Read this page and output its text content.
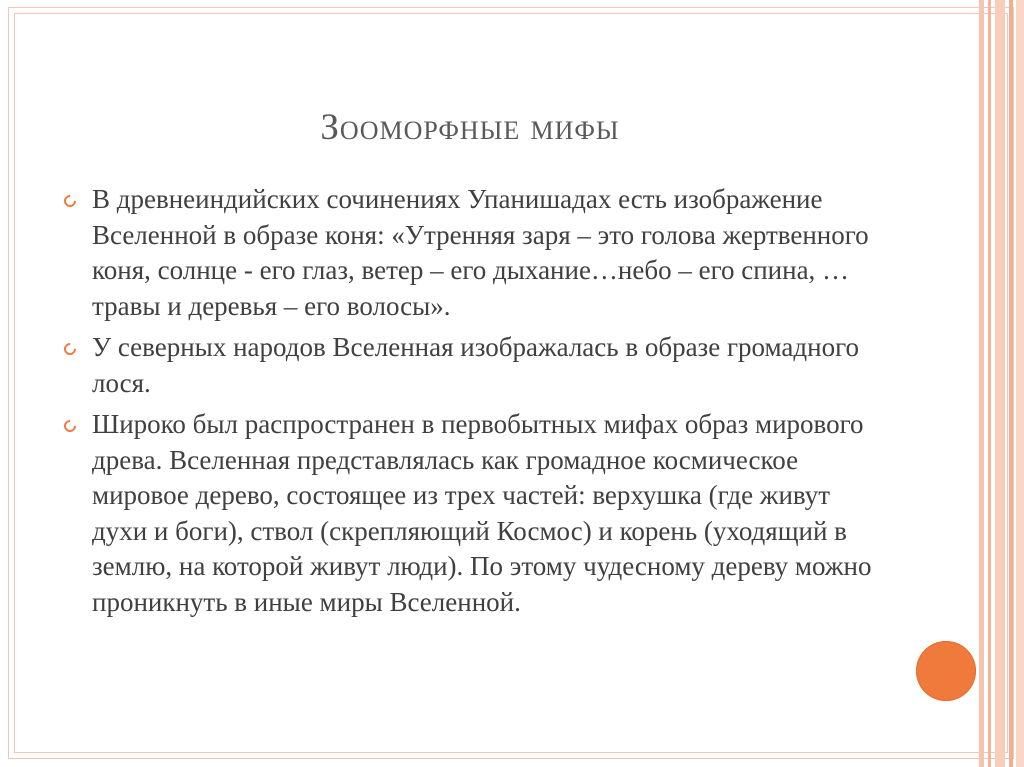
Зооморфные мифы
В древнеиндийских сочинениях Упанишадах есть изображение Вселенной в образе коня: «Утренняя заря – это голова жертвенного коня, солнце - его глаз, ветер – его дыхание…небо – его спина, … травы и деревья – его волосы».
У северных народов Вселенная изображалась в образе громадного лося.
Широко был распространен в первобытных мифах образ мирового древа. Вселенная представлялась как громадное космическое мировое дерево, состоящее из трех частей: верхушка (где живут духи и боги), ствол (скрепляющий Космос) и корень (уходящий в землю, на которой живут люди). По этому чудесному дереву можно проникнуть в иные миры Вселенной.
